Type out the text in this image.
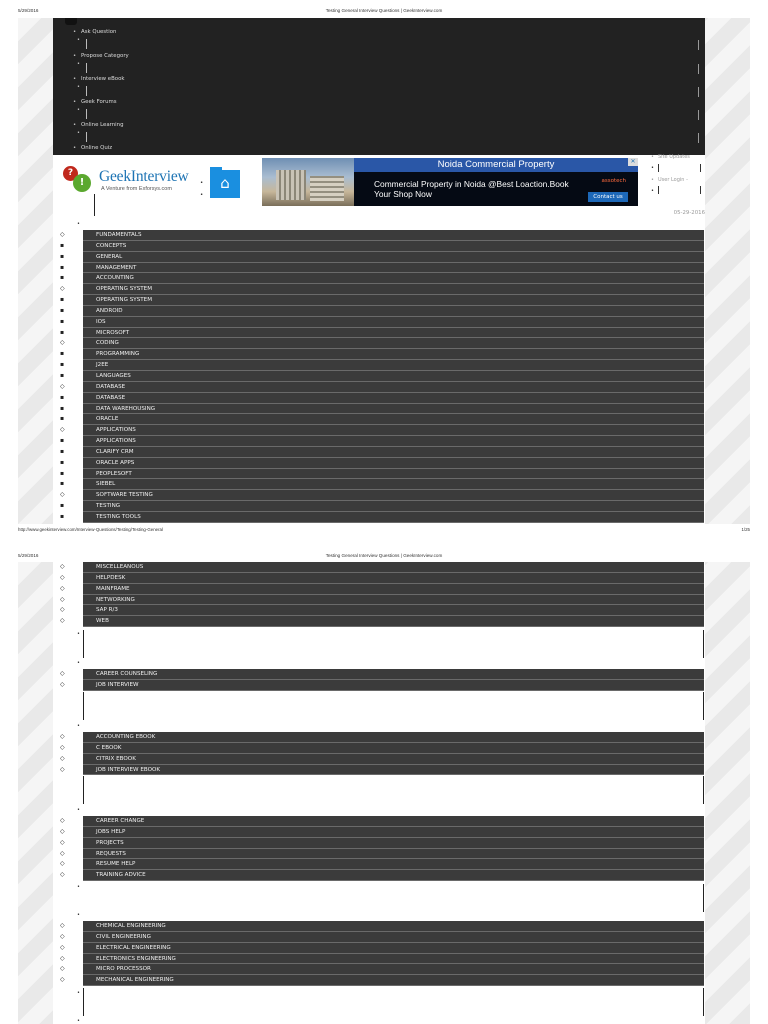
5/29/2016	Testing General Interview Questions | GeekInterview.com
• Ask Question
•
• Propose Category
•
• Interview eBook
•
• Geek Forums
•
• Online Learning
•
• Online Quiz
?
! GeekInterview
A Venture from Exforsys.com
•
•
⌂
Noida Commercial Property
Commercial Property in Noida @Best Loaction.Book
Your Shop Now
assotech
Contact us
✕
• Site Updates
•
• User Login -
•
05-29-2016
•
◇	FUNDAMENTALS
▪	CONCEPTS
▪	GENERAL
▪	MANAGEMENT
▪	ACCOUNTING
◇	OPERATING SYSTEM
▪	OPERATING SYSTEM
▪	ANDROID
▪	IOS
▪	MICROSOFT
◇	CODING
▪	PROGRAMMING
▪	J2EE
▪	LANGUAGES
◇	DATABASE
▪	DATABASE
▪	DATA WAREHOUSING
▪	ORACLE
◇	APPLICATIONS
▪	APPLICATIONS
▪	CLARIFY CRM
▪	ORACLE APPS
▪	PEOPLESOFT
▪	SIEBEL
◇	SOFTWARE TESTING
▪	TESTING
▪	TESTING TOOLS
http://www.geekinterview.com/Interview-Questions/Testing/Testing-General	1/25
5/29/2016	Testing General Interview Questions | GeekInterview.com
◇	MISCELLEANOUS
◇	HELPDESK
◇	MAINFRAME
◇	NETWORKING
◇	SAP R/3
◇	WEB
•
•
◇	CAREER COUNSELING
◇	JOB INTERVIEW
•
◇	ACCOUNTING EBOOK
◇	C EBOOK
◇	CITRIX EBOOK
◇	JOB INTERVIEW EBOOK
•
◇	CAREER CHANGE
◇	JOBS HELP
◇	PROJECTS
◇	REQUESTS
◇	RESUME HELP
◇	TRAINING ADVICE
•
•
◇	CHEMICAL ENGINEERING
◇	CIVIL ENGINEERING
◇	ELECTRICAL ENGINEERING
◇	ELECTRONICS ENGINEERING
◇	MICRO PROCESSOR
◇	MECHANICAL ENGINEERING
•
•
